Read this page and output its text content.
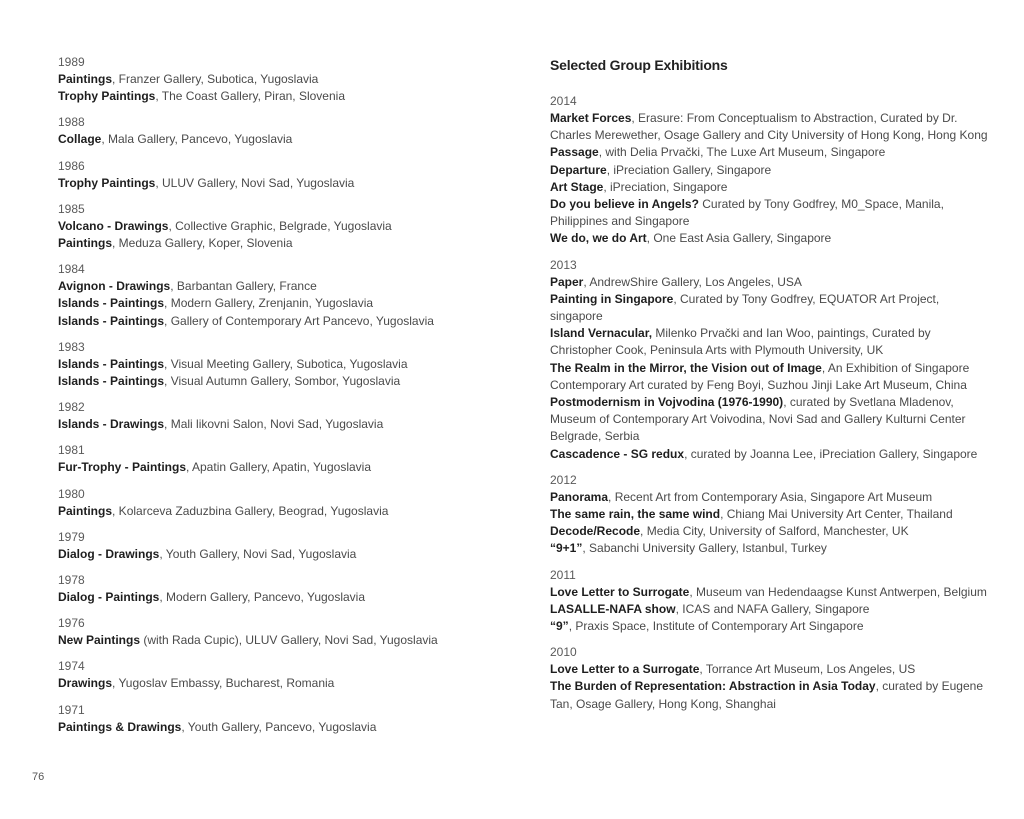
1989
Paintings, Franzer Gallery, Subotica, Yugoslavia
Trophy Paintings, The Coast Gallery, Piran, Slovenia
1988
Collage, Mala Gallery, Pancevo, Yugoslavia
1986
Trophy Paintings, ULUV Gallery, Novi Sad, Yugoslavia
1985
Volcano - Drawings, Collective Graphic, Belgrade, Yugoslavia
Paintings, Meduza Gallery, Koper, Slovenia
1984
Avignon - Drawings, Barbantan Gallery, France
Islands - Paintings, Modern Gallery, Zrenjanin, Yugoslavia
Islands - Paintings, Gallery of Contemporary Art Pancevo, Yugoslavia
1983
Islands - Paintings, Visual Meeting Gallery, Subotica, Yugoslavia
Islands - Paintings, Visual Autumn Gallery, Sombor, Yugoslavia
1982
Islands - Drawings, Mali likovni Salon, Novi Sad, Yugoslavia
1981
Fur-Trophy - Paintings, Apatin Gallery, Apatin, Yugoslavia
1980
Paintings, Kolarceva Zaduzbina Gallery, Beograd, Yugoslavia
1979
Dialog - Drawings, Youth Gallery, Novi Sad, Yugoslavia
1978
Dialog - Paintings, Modern Gallery, Pancevo, Yugoslavia
1976
New Paintings (with Rada Cupic), ULUV Gallery, Novi Sad, Yugoslavia
1974
Drawings, Yugoslav Embassy, Bucharest, Romania
1971
Paintings & Drawings, Youth Gallery, Pancevo, Yugoslavia
Selected Group Exhibitions
2014
Market Forces, Erasure: From Conceptualism to Abstraction, Curated by Dr. Charles Merewether, Osage Gallery and City University of Hong Kong, Hong Kong
Passage, with Delia Prvački, The Luxe Art Museum, Singapore
Departure, iPreciation Gallery, Singapore
Art Stage, iPreciation, Singapore
Do you believe in Angels? Curated by Tony Godfrey, M0_Space, Manila, Philippines and Singapore
We do, we do Art, One East Asia Gallery, Singapore
2013
Paper, AndrewShire Gallery, Los Angeles, USA
Painting in Singapore, Curated by Tony Godfrey, EQUATOR Art Project, singapore
Island Vernacular, Milenko Prvački and Ian Woo, paintings, Curated by Christopher Cook, Peninsula Arts with Plymouth University, UK
The Realm in the Mirror, the Vision out of Image, An Exhibition of Singapore Contemporary Art curated by Feng Boyi, Suzhou Jinji Lake Art Museum, China
Postmodernism in Vojvodina (1976-1990), curated by Svetlana Mladenov, Museum of Contemporary Art Voivodina, Novi Sad and Gallery Kulturni Center Belgrade, Serbia
Cascadence - SG redux, curated by Joanna Lee, iPreciation Gallery, Singapore
2012
Panorama, Recent Art from Contemporary Asia, Singapore Art Museum
The same rain, the same wind, Chiang Mai University Art Center, Thailand
Decode/Recode, Media City, University of Salford, Manchester, UK
“9+1”, Sabanchi University Gallery, Istanbul, Turkey
2011
Love Letter to Surrogate, Museum van Hedendaagse Kunst Antwerpen, Belgium
LASALLE-NAFA show, ICAS and NAFA Gallery, Singapore
“9”, Praxis Space, Institute of Contemporary Art Singapore
2010
Love Letter to a Surrogate, Torrance Art Museum, Los Angeles, US
The Burden of Representation: Abstraction in Asia Today, curated by Eugene Tan, Osage Gallery, Hong Kong, Shanghai
76
